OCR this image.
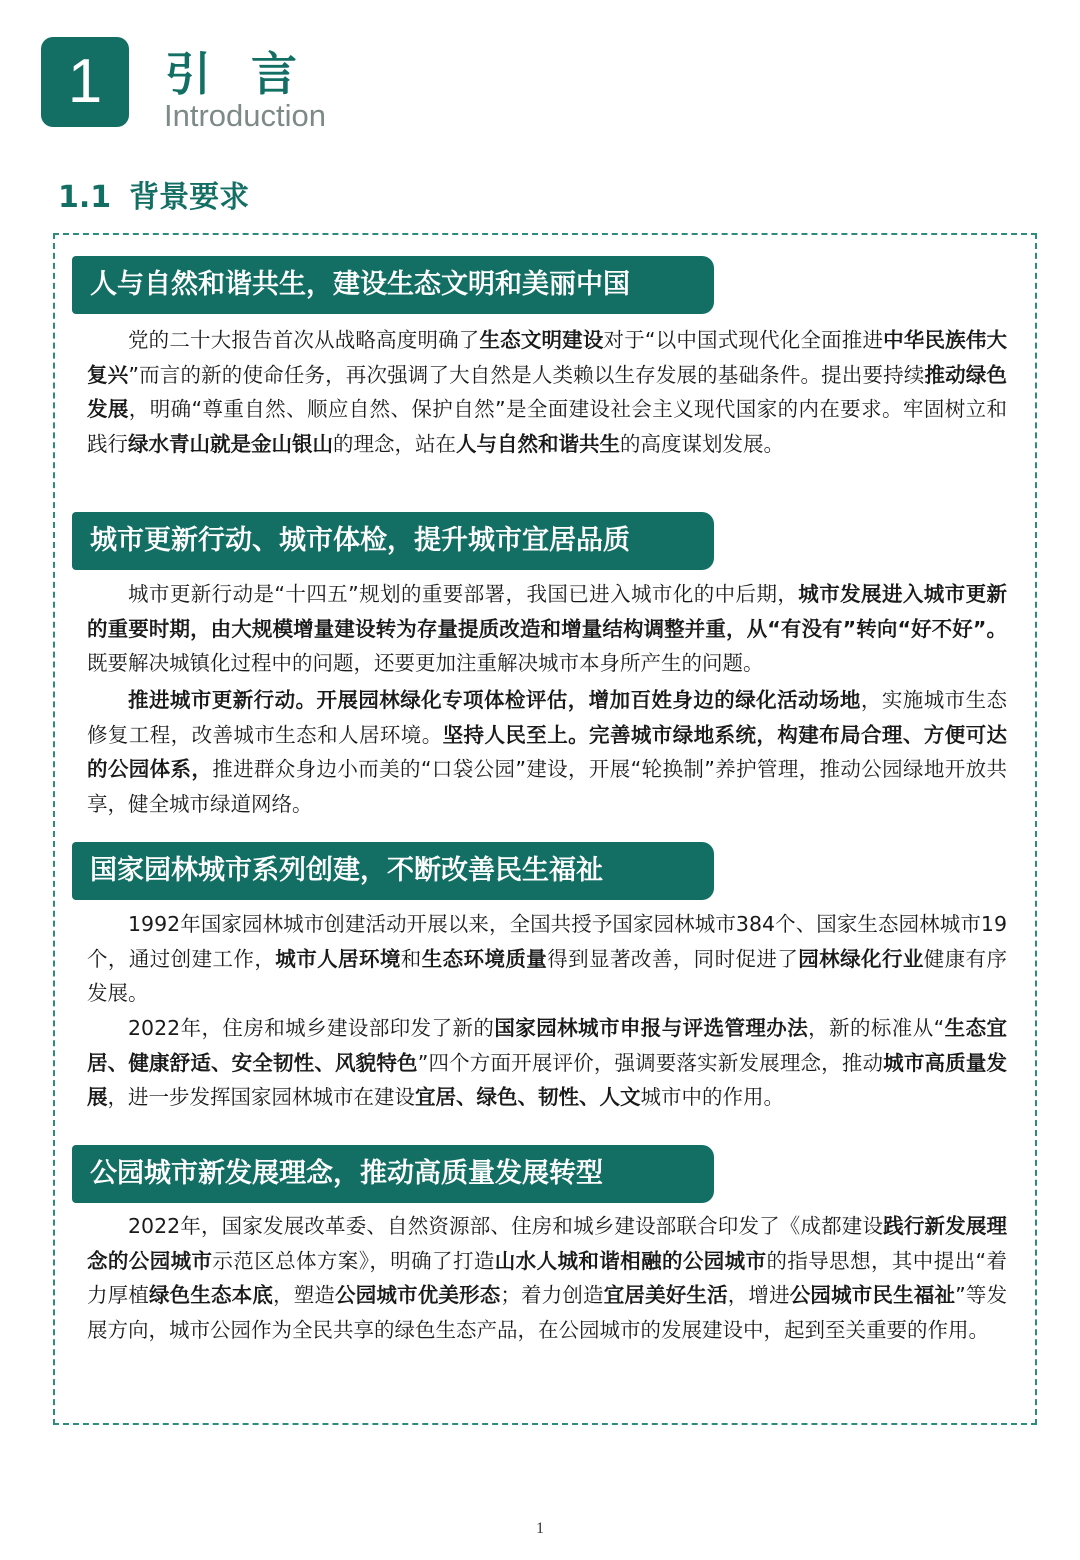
1	引言
Introduction
1.1 背景要求
人与自然和谐共生，建设生态文明和美丽中国
党的二十大报告首次从战略高度明确了生态文明建设对于“以中国式现代化全面推进中华民族伟大复兴”而言的新的使命任务，再次强调了大自然是人类赖以生存发展的基础条件。提出要持续推动绿色发展，明确“尊重自然、顺应自然、保护自然”是全面建设社会主义现代国家的内在要求。牢固树立和践行绿水青山就是金山银山的理念，站在人与自然和谐共生的高度谋划发展。
城市更新行动、城市体检，提升城市宜居品质
城市更新行动是“十四五”规划的重要部署，我国已进入城市化的中后期，城市发展进入城市更新的重要时期，由大规模增量建设转为存量提质改造和增量结构调整并重，从“有没有”转向“好不好”。既要解决城镇化过程中的问题，还要更加注重解决城市本身所产生的问题。
推进城市更新行动。开展园林绿化专项体检评估，增加百姓身边的绿化活动场地，实施城市生态修复工程，改善城市生态和人居环境。坚持人民至上。完善城市绿地系统，构建布局合理、方便可达的公园体系，推进群众身边小而美的“口袋公园”建设，开展“轮换制”养护管理，推动公园绿地开放共享，健全城市绿道网络。
国家园林城市系列创建，不断改善民生福祉
1992年国家园林城市创建活动开展以来，全国共授予国家园林城市384个、国家生态园林城市19个，通过创建工作，城市人居环境和生态环境质量得到显著改善，同时促进了园林绿化行业健康有序发展。
2022年，住房和城乡建设部印发了新的国家园林城市申报与评选管理办法，新的标准从“生态宜居、健康舒适、安全韧性、风貌特色”四个方面开展评价，强调要落实新发展理念，推动城市高质量发展，进一步发挥国家园林城市在建设宜居、绿色、韧性、人文城市中的作用。
公园城市新发展理念，推动高质量发展转型
2022年，国家发展改革委、自然资源部、住房和城乡建设部联合印发了《成都建设践行新发展理念的公园城市示范区总体方案》，明确了打造山水人城和谐相融的公园城市的指导思想，其中提出“着力厚植绿色生态本底，塑造公园城市优美形态；着力创造宜居美好生活，增进公园城市民生福祉”等发展方向，城市公园作为全民共享的绿色生态产品，在公园城市的发展建设中，起到至关重要的作用。
1
